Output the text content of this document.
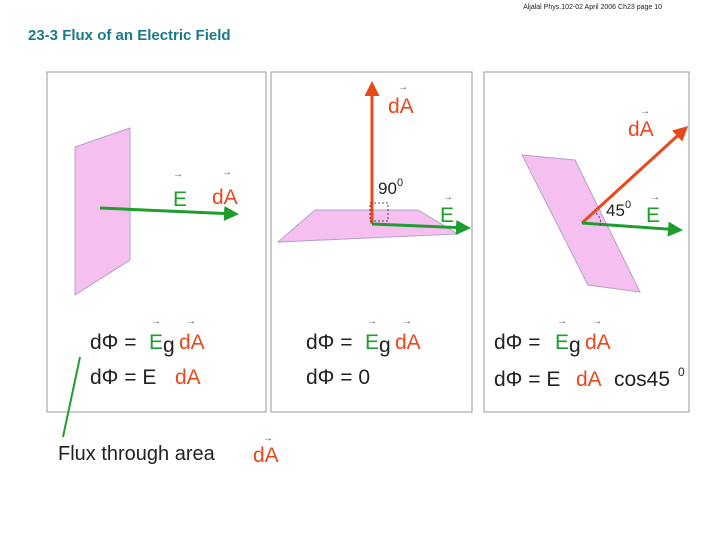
Aljalal Phys.102-02 April 2006 Ch23 page 10
23-3 Flux of an Electric Field
→
E
→
dA
dΦ =
→
E g
→
dA
dΦ = E dA
→
dA
90 0
→
E
dΦ =
→
E g
→
dA
dΦ = 0
→
dA
45 0
→
E
dΦ =
→
E g
→
dA
dΦ = E dA cos45 0
Flux through area
→
dA
